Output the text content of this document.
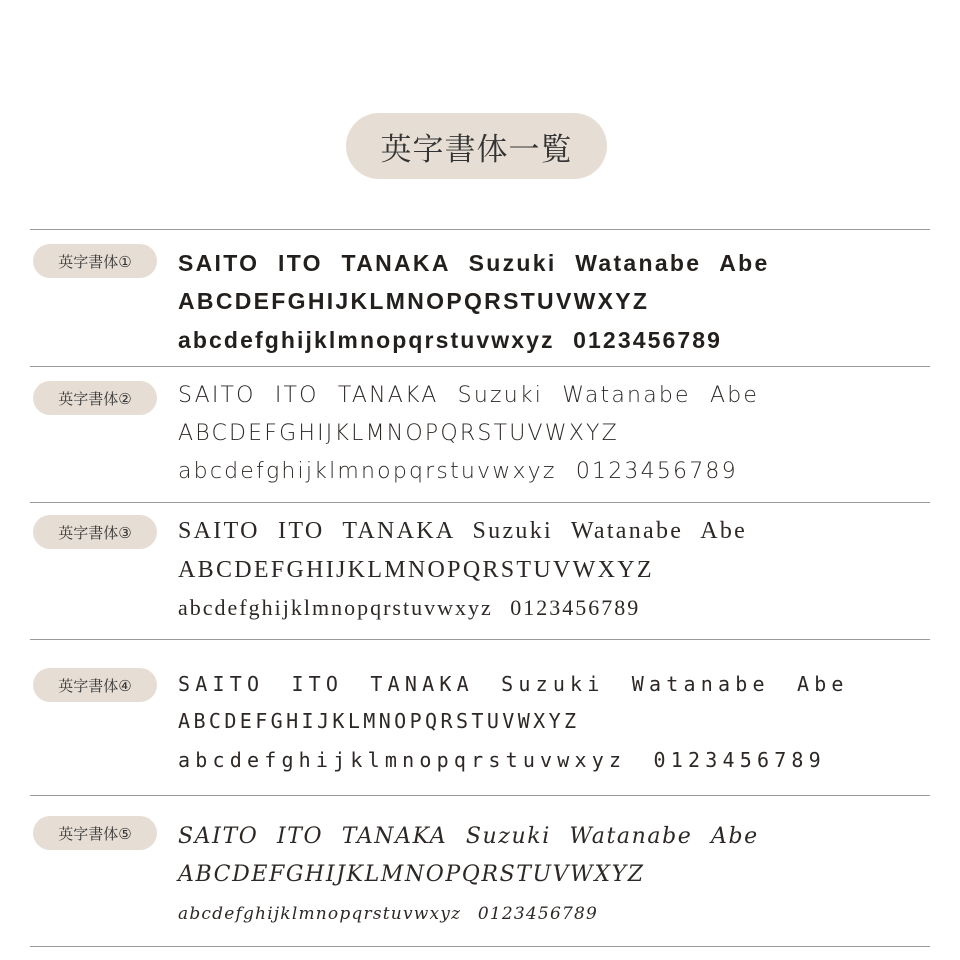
英字書体一覧
英字書体①	SAITO ITO TANAKA Suzuki Watanabe Abe
ABCDEFGHIJKLMNOPQRSTUVWXYZ
abcdefghijklmnopqrstuvwxyz 0123456789
英字書体②	SAITO ITO TANAKA Suzuki Watanabe Abe
ABCDEFGHIJKLMNOPQRSTUVWXYZ
abcdefghijklmnopqrstuvwxyz 0123456789
英字書体③	SAITO ITO TANAKA Suzuki Watanabe Abe
ABCDEFGHIJKLMNOPQRSTUVWXYZ
abcdefghijklmnopqrstuvwxyz 0123456789
英字書体④	SAITO ITO TANAKA Suzuki Watanabe Abe
ABCDEFGHIJKLMNOPQRSTUVWXYZ
abcdefghijklmnopqrstuvwxyz 0123456789
英字書体⑤	SAITO ITO TANAKA Suzuki Watanabe Abe
ABCDEFGHIJKLMNOPQRSTUVWXYZ
abcdefghijklmnopqrstuvwxyz 0123456789
